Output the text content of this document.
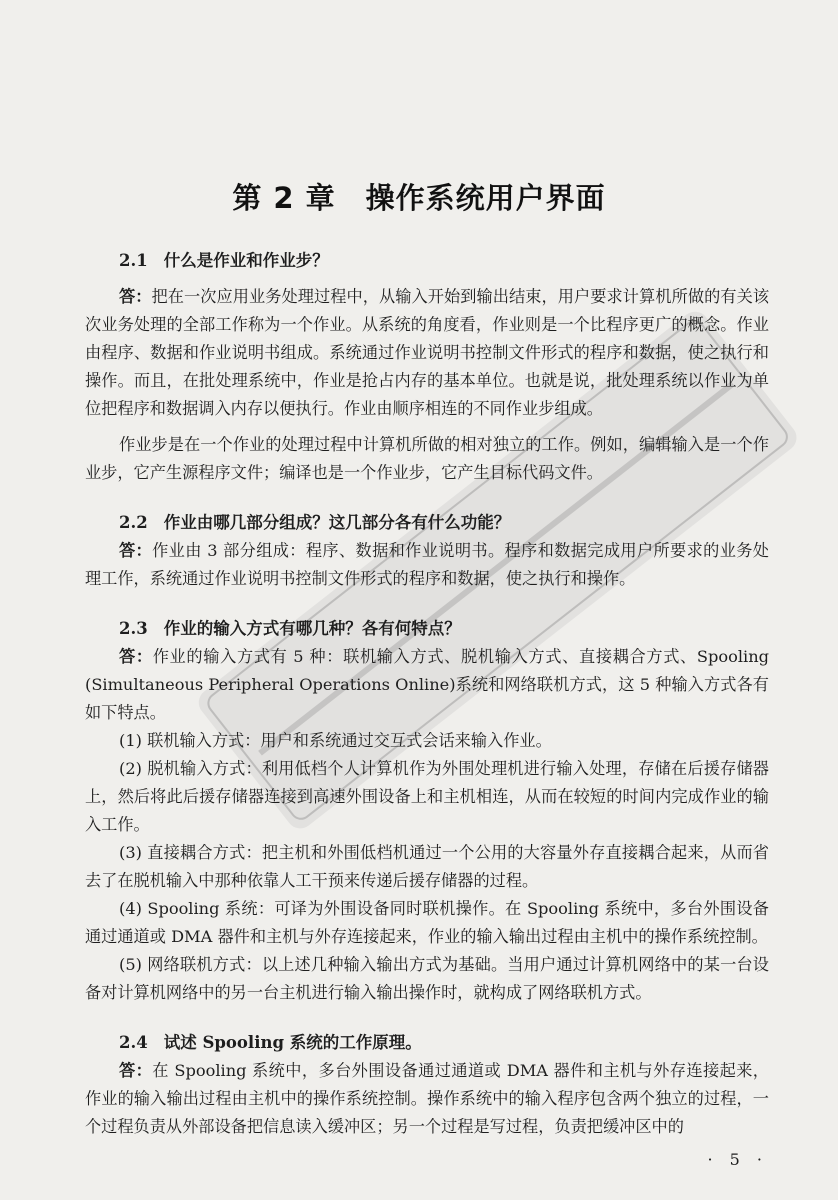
第 2 章　操作系统用户界面

2.1 什么是作业和作业步？

答：把在一次应用业务处理过程中，从输入开始到输出结束，用户要求计算机所做的有关该次业务处理的全部工作称为一个作业。从系统的角度看，作业则是一个比程序更广的概念。作业由程序、数据和作业说明书组成。系统通过作业说明书控制文件形式的程序和数据，使之执行和操作。而且，在批处理系统中，作业是抢占内存的基本单位。也就是说，批处理系统以作业为单位把程序和数据调入内存以便执行。作业由顺序相连的不同作业步组成。

作业步是在一个作业的处理过程中计算机所做的相对独立的工作。例如，编辑输入是一个作业步，它产生源程序文件；编译也是一个作业步，它产生目标代码文件。

2.2 作业由哪几部分组成？这几部分各有什么功能？

答：作业由 3 部分组成：程序、数据和作业说明书。程序和数据完成用户所要求的业务处理工作，系统通过作业说明书控制文件形式的程序和数据，使之执行和操作。

2.3 作业的输入方式有哪几种？各有何特点？

答：作业的输入方式有 5 种：联机输入方式、脱机输入方式、直接耦合方式、Spooling (Simultaneous Peripheral Operations Online)系统和网络联机方式，这 5 种输入方式各有如下特点。

(1) 联机输入方式：用户和系统通过交互式会话来输入作业。

(2) 脱机输入方式：利用低档个人计算机作为外围处理机进行输入处理，存储在后援存储器上，然后将此后援存储器连接到高速外围设备上和主机相连，从而在较短的时间内完成作业的输入工作。

(3) 直接耦合方式：把主机和外围低档机通过一个公用的大容量外存直接耦合起来，从而省去了在脱机输入中那种依靠人工干预来传递后援存储器的过程。

(4) Spooling 系统：可译为外围设备同时联机操作。在 Spooling 系统中，多台外围设备通过通道或 DMA 器件和主机与外存连接起来，作业的输入输出过程由主机中的操作系统控制。

(5) 网络联机方式：以上述几种输入输出方式为基础。当用户通过计算机网络中的某一台设备对计算机网络中的另一台主机进行输入输出操作时，就构成了网络联机方式。

2.4 试述 Spooling 系统的工作原理。

答：在 Spooling 系统中，多台外围设备通过通道或 DMA 器件和主机与外存连接起来，作业的输入输出过程由主机中的操作系统控制。操作系统中的输入程序包含两个独立的过程，一个过程负责从外部设备把信息读入缓冲区；另一个过程是写过程，负责把缓冲区中的

· 5 ·
